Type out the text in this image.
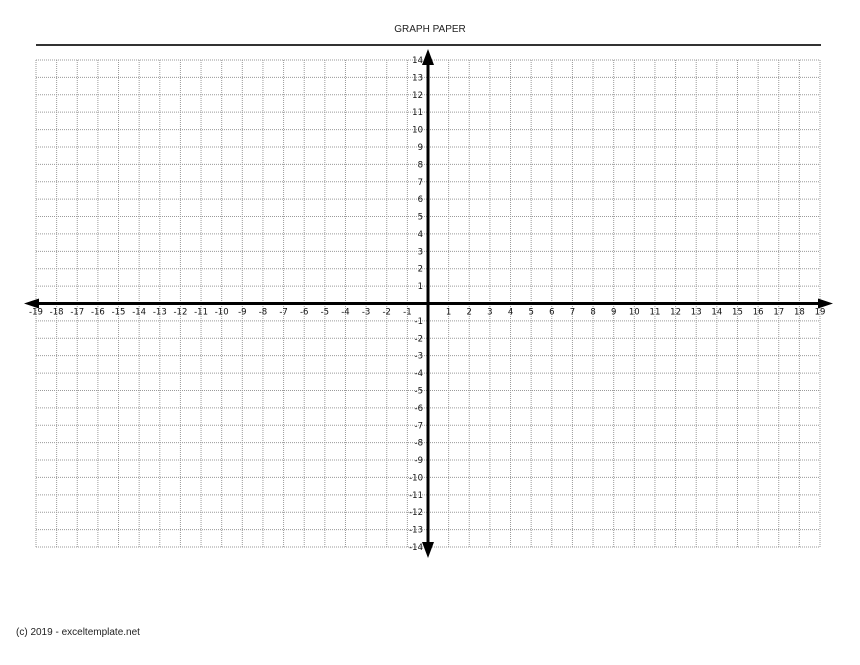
GRAPH PAPER
-19 -18 -17 -16 -15 -14 -13 -12 -11 -10 -9 -8 -7 -6 -5 -4 -3 -2 -1	1 2 3 4 5 6 7 8 9 10 11 12 13 14 15 16 17 18 19
14
13
12
11
10
9
8
7
6
5
4
3
2
1
-1
-2
-3
-4
-5
-6
-7
-8
-9
-10
-11
-12
-13
-14
(c) 2019 - exceltemplate.net
